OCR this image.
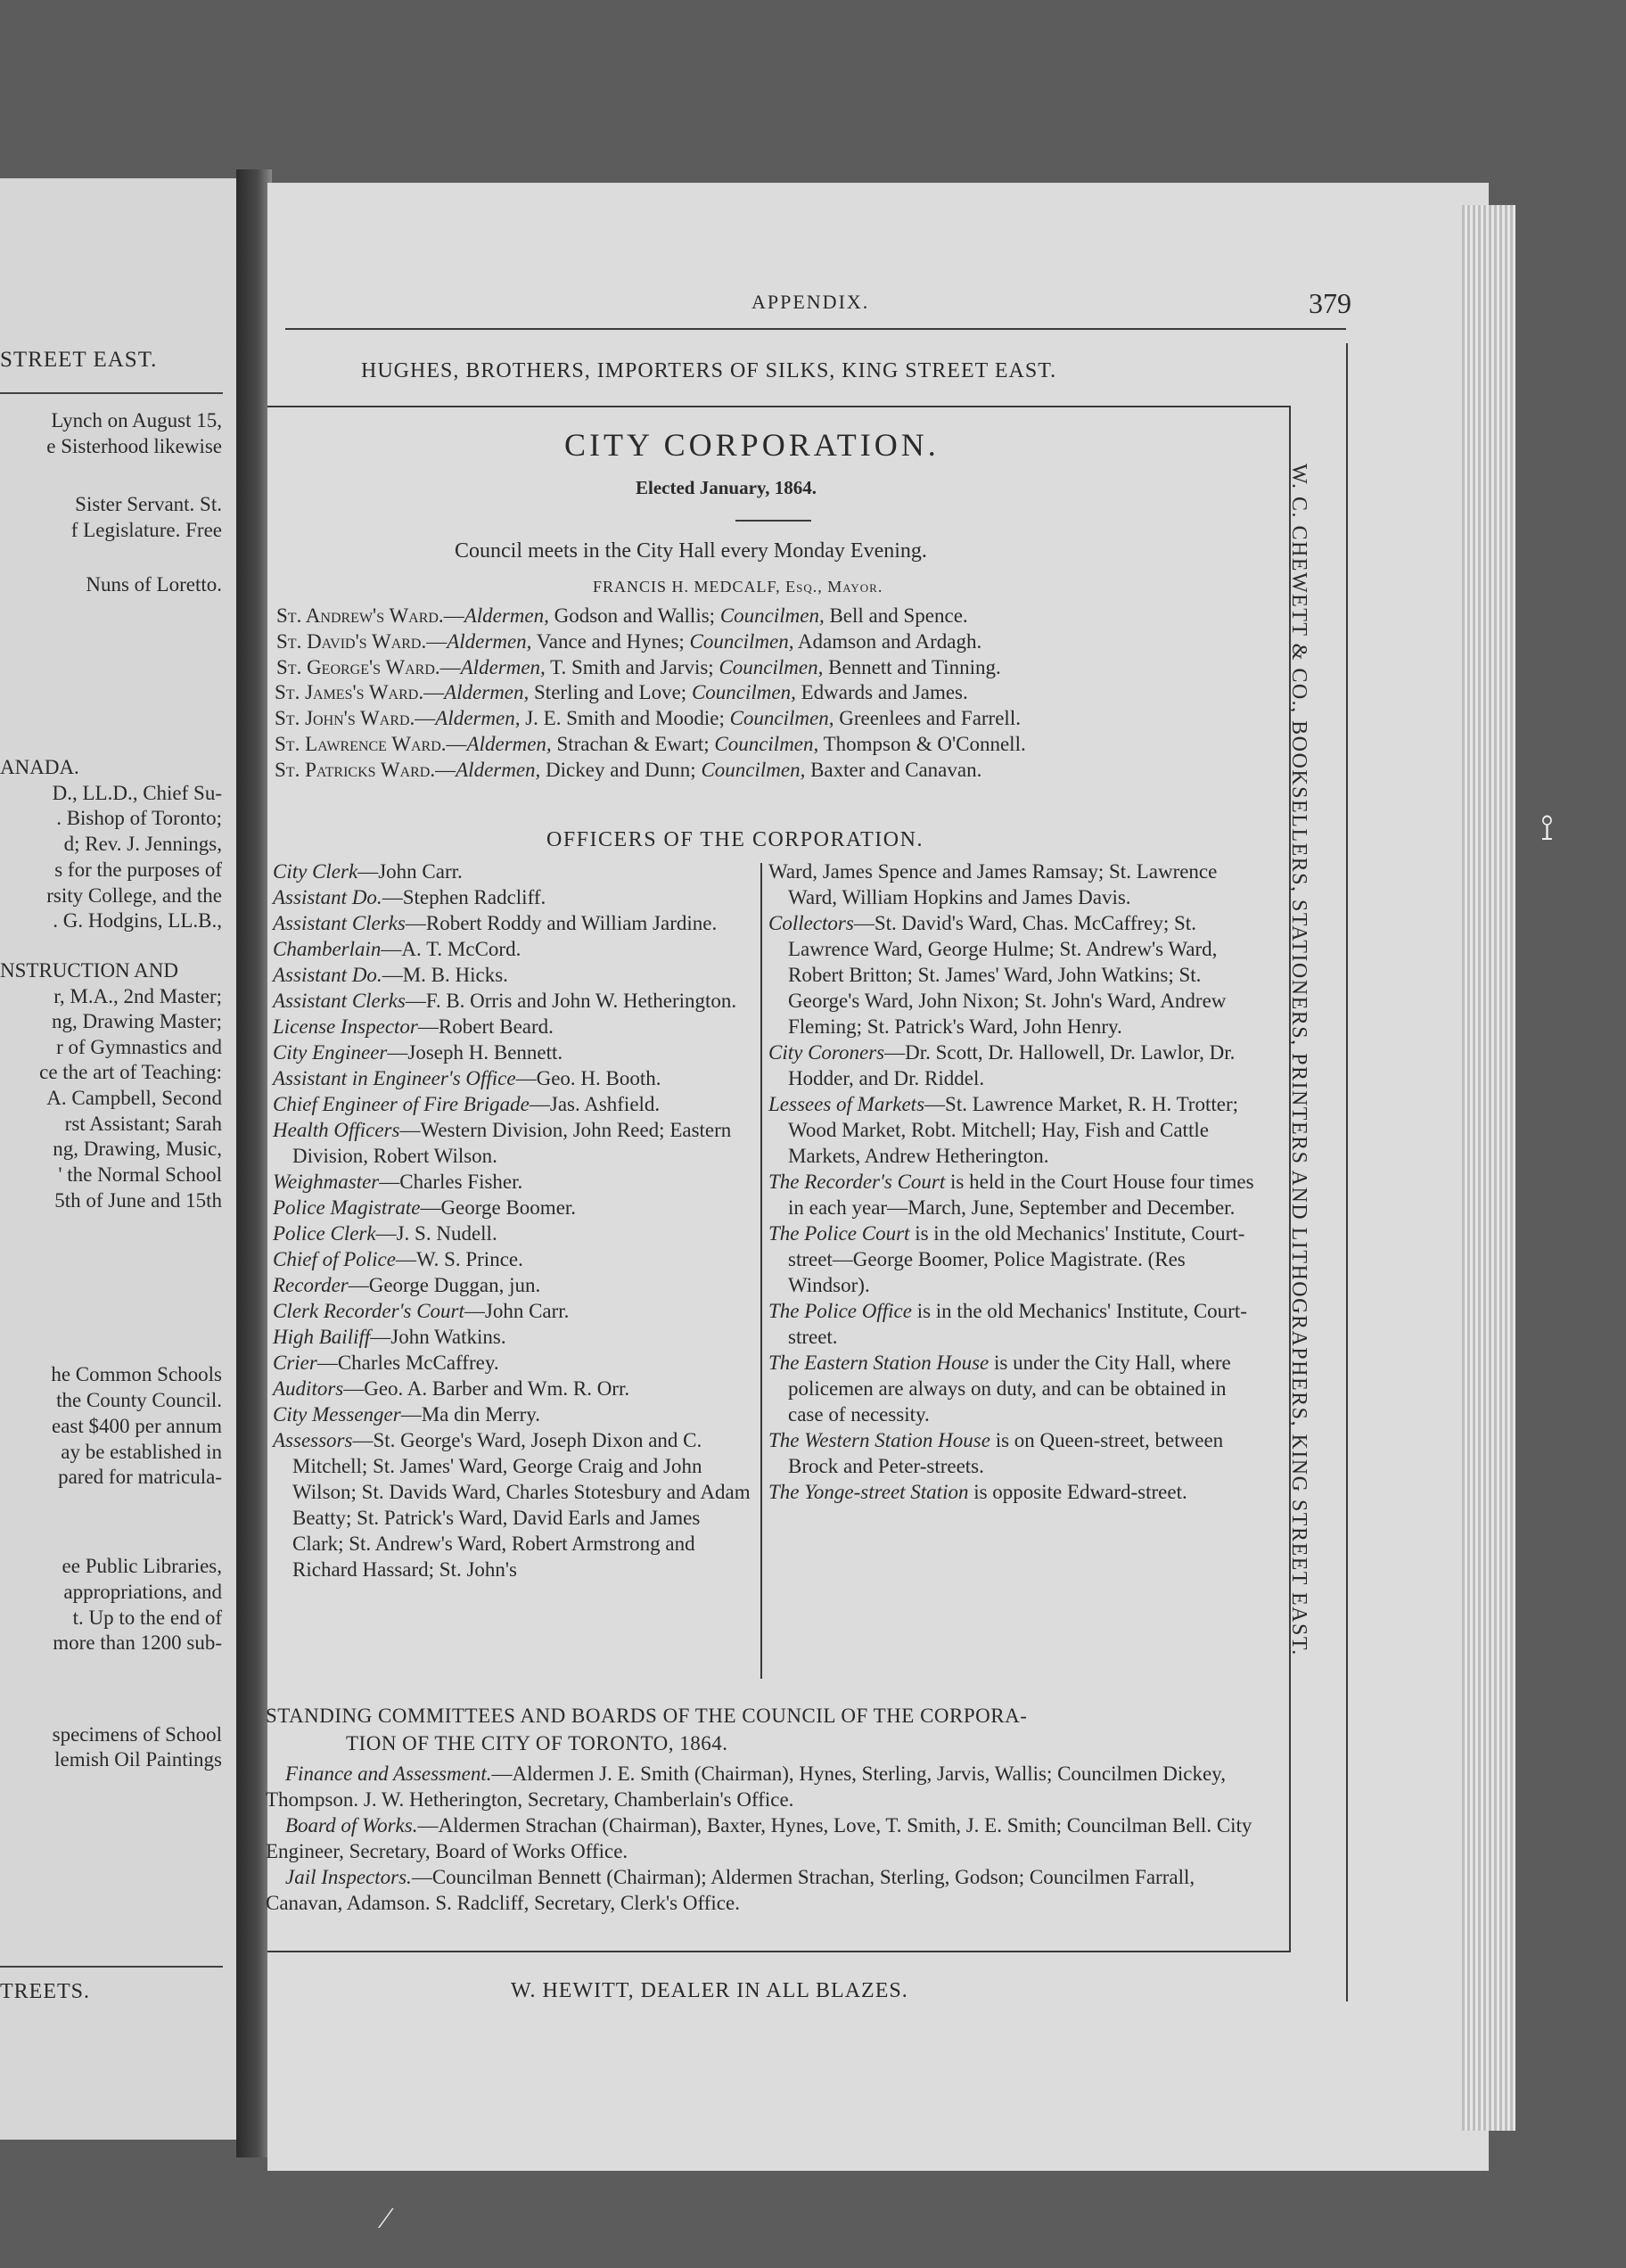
STREET EAST.
Lynch on August 15,
e Sisterhood likewise
Sister Servant. St.
f Legislature. Free
Nuns of Loretto.
ANADA.
D., LL.D., Chief Su-
. Bishop of Toronto;
d; Rev. J. Jennings,
s for the purposes of
rsity College, and the
. G. Hodgins, LL.B.,
NSTRUCTION AND
r, M.A., 2nd Master;
ng, Drawing Master;
r of Gymnastics and
ce the art of Teaching:
A. Campbell, Second
rst Assistant; Sarah
ng, Drawing, Music,
' the Normal School
5th of June and 15th
he Common Schools
the County Council.
east $400 per annum
ay be established in
pared for matricula-
ee Public Libraries,
appropriations, and
t. Up to the end of
more than 1200 sub-
specimens of School
lemish Oil Paintings
TREETS.
APPENDIX.	379
HUGHES, BROTHERS, IMPORTERS OF SILKS, KING STREET EAST.
W. C. CHEWETT & CO., BOOKSELLERS, STATIONERS, PRINTERS AND LITHOGRAPHERS, KING STREET EAST.
CITY CORPORATION.
Elected January, 1864.
Council meets in the City Hall every Monday Evening.
FRANCIS H. MEDCALF, Esq., Mayor.
St. Andrew's Ward.—Aldermen, Godson and Wallis; Councilmen, Bell and Spence.
St. David's Ward.—Aldermen, Vance and Hynes; Councilmen, Adamson and Ardagh.
St. George's Ward.—Aldermen, T. Smith and Jarvis; Councilmen, Bennett and Tinning.
St. James's Ward.—Aldermen, Sterling and Love; Councilmen, Edwards and James.
St. John's Ward.—Aldermen, J. E. Smith and Moodie; Councilmen, Greenlees and Farrell.
St. Lawrence Ward.—Aldermen, Strachan & Ewart; Councilmen, Thompson & O'Connell.
St. Patricks Ward.—Aldermen, Dickey and Dunn; Councilmen, Baxter and Canavan.
OFFICERS OF THE CORPORATION.
City Clerk—John Carr.
Assistant Do.—Stephen Radcliff.
Assistant Clerks—Robert Roddy and William Jardine.
Chamberlain—A. T. McCord.
Assistant Do.—M. B. Hicks.
Assistant Clerks—F. B. Orris and John W. Hetherington.
License Inspector—Robert Beard.
City Engineer—Joseph H. Bennett.
Assistant in Engineer's Office—Geo. H. Booth.
Chief Engineer of Fire Brigade—Jas. Ashfield.
Health Officers—Western Division, John Reed; Eastern Division, Robert Wilson.
Weighmaster—Charles Fisher.
Police Magistrate—George Boomer.
Police Clerk—J. S. Nudell.
Chief of Police—W. S. Prince.
Recorder—George Duggan, jun.
Clerk Recorder's Court—John Carr.
High Bailiff—John Watkins.
Crier—Charles McCaffrey.
Auditors—Geo. A. Barber and Wm. R. Orr.
City Messenger—Ma din Merry.
Assessors—St. George's Ward, Joseph Dixon and C. Mitchell; St. James' Ward, George Craig and John Wilson; St. Davids Ward, Charles Stotesbury and Adam Beatty; St. Patrick's Ward, David Earls and James Clark; St. Andrew's Ward, Robert Armstrong and Richard Hassard; St. John's
Ward, James Spence and James Ramsay; St. Lawrence Ward, William Hopkins and James Davis.
Collectors—St. David's Ward, Chas. McCaffrey; St. Lawrence Ward, George Hulme; St. Andrew's Ward, Robert Britton; St. James' Ward, John Watkins; St. George's Ward, John Nixon; St. John's Ward, Andrew Fleming; St. Patrick's Ward, John Henry.
City Coroners—Dr. Scott, Dr. Hallowell, Dr. Lawlor, Dr. Hodder, and Dr. Riddel.
Lessees of Markets—St. Lawrence Market, R. H. Trotter; Wood Market, Robt. Mitchell; Hay, Fish and Cattle Markets, Andrew Hetherington.
The Recorder's Court is held in the Court House four times in each year—March, June, September and December.
The Police Court is in the old Mechanics' Institute, Court-street—George Boomer, Police Magistrate. (Res Windsor).
The Police Office is in the old Mechanics' Institute, Court-street.
The Eastern Station House is under the City Hall, where policemen are always on duty, and can be obtained in case of necessity.
The Western Station House is on Queen-street, between Brock and Peter-streets.
The Yonge-street Station is opposite Edward-street.
STANDING COMMITTEES AND BOARDS OF THE COUNCIL OF THE CORPORA-
TION OF THE CITY OF TORONTO, 1864.
Finance and Assessment.—Aldermen J. E. Smith (Chairman), Hynes, Sterling, Jarvis, Wallis; Councilmen Dickey, Thompson. J. W. Hetherington, Secretary, Chamberlain's Office.
Board of Works.—Aldermen Strachan (Chairman), Baxter, Hynes, Love, T. Smith, J. E. Smith; Councilman Bell. City Engineer, Secretary, Board of Works Office.
Jail Inspectors.—Councilman Bennett (Chairman); Aldermen Strachan, Sterling, Godson; Councilmen Farrall, Canavan, Adamson. S. Radcliff, Secretary, Clerk's Office.
W. HEWITT, DEALER IN ALL BLAZES.
⟟
⁄
